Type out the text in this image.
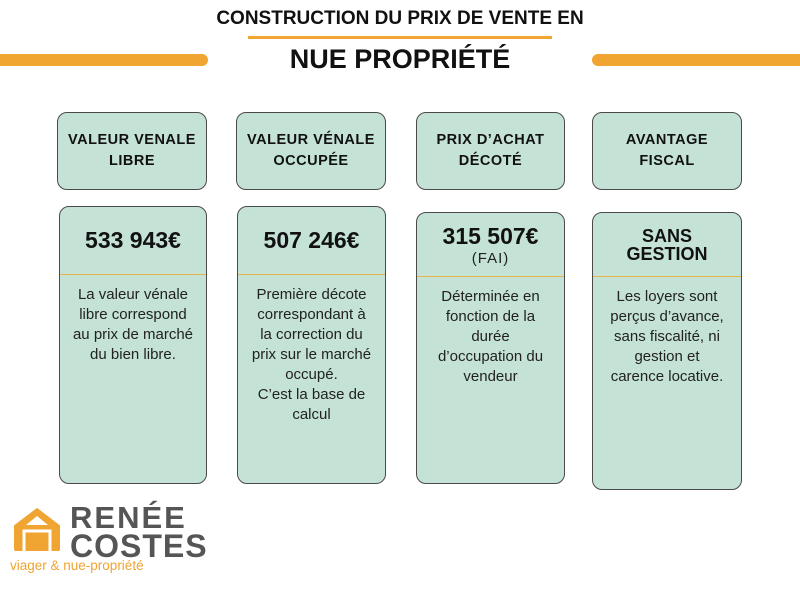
CONSTRUCTION DU PRIX DE VENTE EN
NUE PROPRIÉTÉ
VALEUR VENALE
LIBRE
533 943€
La valeur vénale
libre correspond
au prix de marché
du bien libre.
VALEUR VÉNALE
OCCUPÉE
507 246€
Première décote
correspondant à
la correction du
prix sur le marché
occupé.
C’est la base de
calcul
PRIX D’ACHAT
DÉCOTÉ
315 507€
(FAI)
Déterminée en
fonction de la
durée
d’occupation du
vendeur
AVANTAGE
FISCAL
SANS
GESTION
Les loyers sont
perçus d’avance,
sans fiscalité, ni
gestion et
carence locative.
RENÉE
COSTES
viager & nue-propriété
